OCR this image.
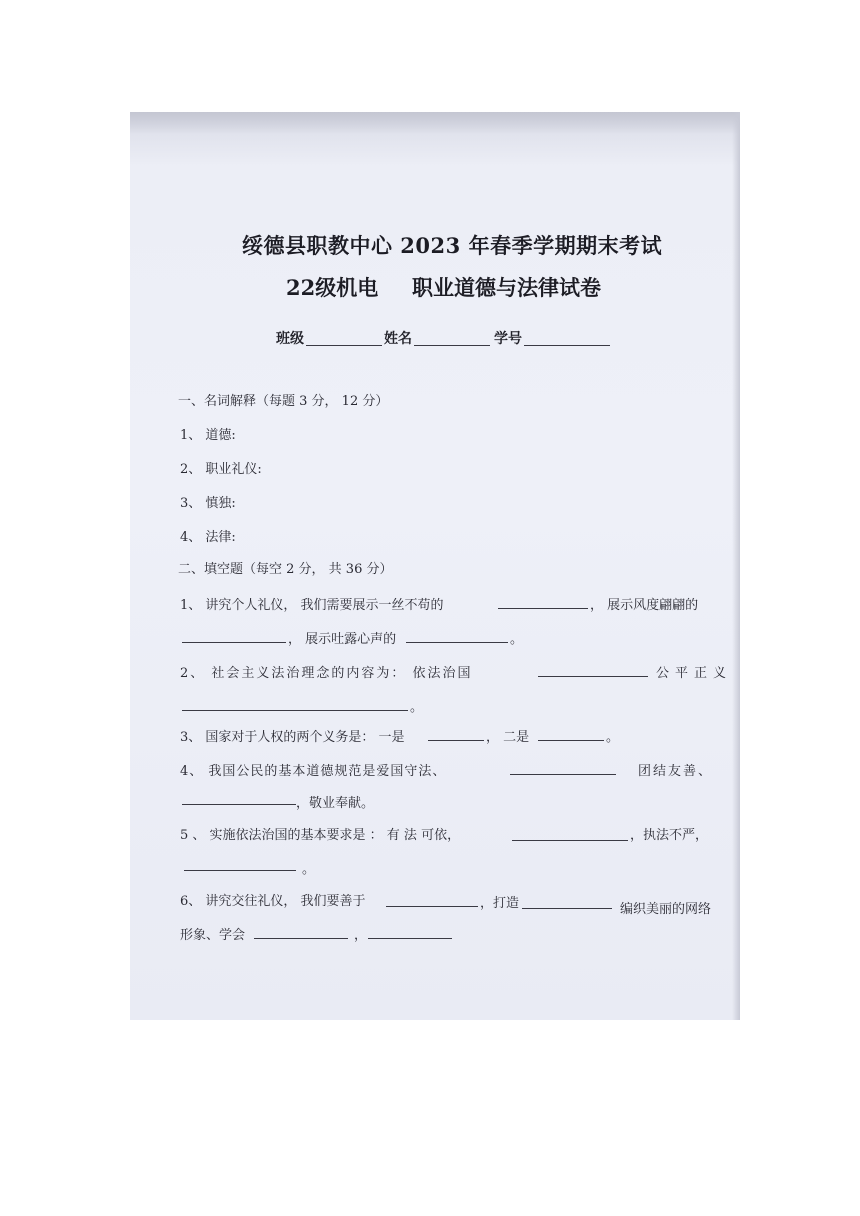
绥德县职教中心 2023 年春季学期期末考试
22级机电 职业道德与法律试卷
班级	姓名	学号
一、名词解释（每题 3 分， 12 分）
1、 道德:
2、 职业礼仪:
3、 慎独:
4、 法律:
二、填空题（每空 2 分， 共 36 分）
1、 讲究个人礼仪， 我们需要展示一丝不苟的	， 展示风度翩翩的
， 展示吐露心声的	。
2、 社会主义法治理念的内容为： 依法治国	公平正义
。
3、 国家对于人权的两个义务是： 一是	， 二是	。
4、 我国公民的基本道德规范是爱国守法、	团结友善、
，敬业奉献。
5 、 实施依法治国的基本要求是 ： 有 法 可依，	，执法不严，
。
6、 讲究交往礼仪， 我们要善于	，打造	编织美丽的网络
形象、学会	，
